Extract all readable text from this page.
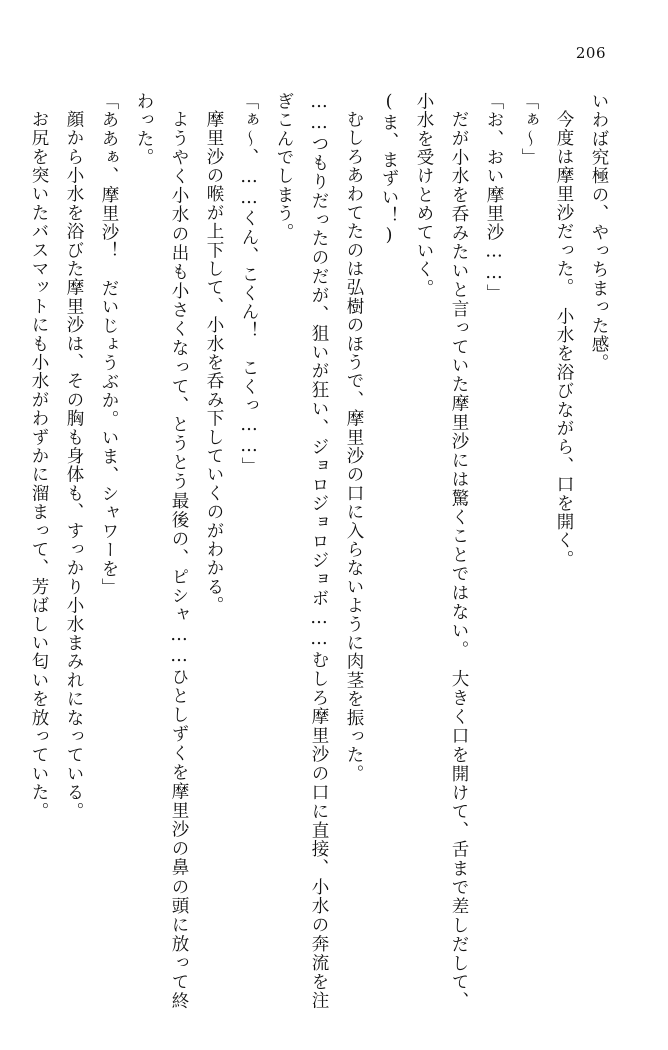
206

いわば究極の、やっちまった感。

今度は摩里沙だった。　小水を浴びながら、口を開く。

「ぁ〜」

「お、おい摩里沙……」

だが小水を呑みたいと言っていた摩里沙には驚くことではない。　大きく口を開けて、舌まで差しだして、小水を受けとめていく。

(ま、まずい！)

むしろあわてたのは弘樹のほうで、摩里沙の口に入らないように肉茎を振った。

……つもりだったのだが、狙いが狂い、ジョロジョロジョボ……むしろ摩里沙の口に直接、小水の奔流を注ぎこんでしまう。

「ぁ〜、……くん、こくん！　こくっ……」

摩里沙の喉が上下して、小水を呑み下していくのがわかる。

ようやく小水の出も小さくなって、とうとう最後の、ピシャ……ひとしずくを摩里沙の鼻の頭に放って終わった。

「ああぁ、摩里沙！　だいじょうぶか。いま、シャワーを」

顔から小水を浴びた摩里沙は、その胸も身体も、すっかり小水まみれになっている。

お尻を突いたバスマットにも小水がわずかに溜まって、芳ばしい匂いを放っていた。
